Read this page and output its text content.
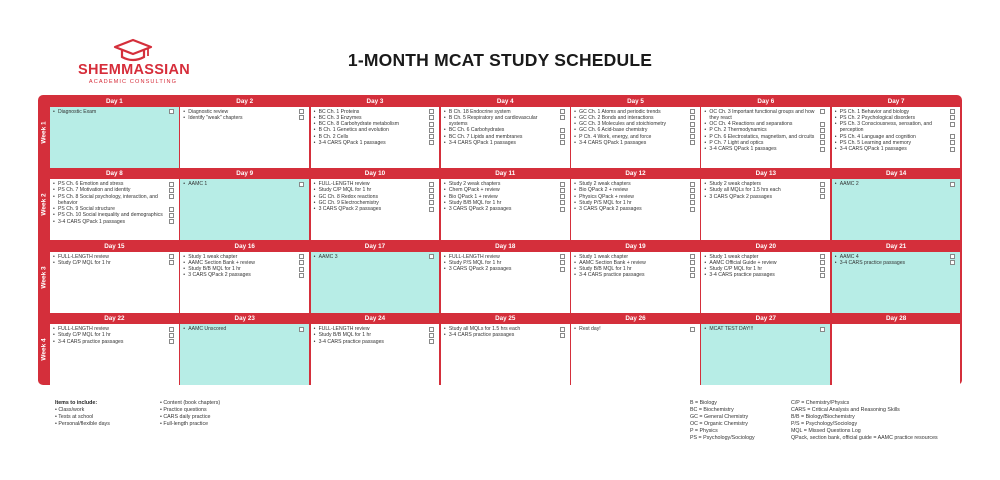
SHEMMASSIAN
ACADEMIC CONSULTING
1-MONTH MCAT STUDY SCHEDULE
Week 1
Day 1
• Diagnostic Exam
Day 2
• Diagnostic review
• Identify "weak" chapters
Day 3
• BC Ch. 1 Proteins
• BC Ch. 3 Enzymes
• BC Ch. 8 Carbohydrate metabolism
• B Ch. 1 Genetics and evolution
• B Ch. 2 Cells
• 3-4 CARS QPack 1 passages
Day 4
• B Ch. 18 Endocrine system
• B Ch. 5 Respiratory and cardiovascular systems
• BC Ch. 6 Carbohydrates
• BC Ch. 7 Lipids and membranes
• 3-4 CARS QPack 1 passages
Day 5
• GC Ch. 1 Atoms and periodic trends
• GC Ch. 2 Bonds and interactions
• GC Ch. 3 Molecules and stoichiometry
• GC Ch. 6 Acid-base chemistry
• P Ch. 4 Work, energy, and force
• 3-4 CARS QPack 1 passages
Day 6
• OC Ch. 3 Important functional groups and how they react
• OC Ch. 4 Reactions and separations
• P Ch. 2 Thermodynamics
• P Ch. 6 Electrostatics, magnetism, and circuits
• P Ch. 7 Light and optics
• 3-4 CARS QPack 1 passages
Day 7
• PS Ch. 1 Behavior and biology
• PS Ch. 2 Psychological disorders
• PS Ch. 3 Consciousness, sensation, and perception
• PS Ch. 4 Language and cognition
• PS Ch. 5 Learning and memory
• 3-4 CARS QPack 1 passages
Week 2
Day 8
• PS Ch. 6 Emotion and stress
• PS Ch. 7 Motivation and identity
• PS Ch. 8 Social psychology, interaction, and behavior
• PS Ch. 9 Social structure
• PS Ch. 10 Social inequality and demographics
• 3-4 CARS QPack 1 passages
Day 9
• AAMC 1
Day 10
• FULL-LENGTH review
• Study C/P MQL for 1 hr
• GC Ch. 8 Redox reactions
• GC Ch. 9 Electrochemistry
• 3 CARS QPack 2 passages
Day 11
• Study 2 weak chapters
• Chem QPack + review
• Bio QPack 1 + review
• Study B/B MQL for 1 hr
• 3 CARS QPack 2 passages
Day 12
• Study 2 weak chapters
• Bio QPack 2 + review
• Physics QPack + review
• Study P/S MQL for 1 hr
• 3 CARS QPack 2 passages
Day 13
• Study 2 weak chapters
• Study all MQLs for 1.5 hrs each
• 3 CARS QPack 2 passages
Day 14
• AAMC 2
Week 3
Day 15
• FULL-LENGTH review
• Study C/P MQL for 1 hr
Day 16
• Study 1 weak chapter
• AAMC Section Bank + review
• Study B/B MQL for 1 hr
• 3 CARS QPack 2 passages
Day 17
• AAMC 3
Day 18
• FULL-LENGTH review
• Study P/S MQL for 1 hr
• 3 CARS QPack 2 passages
Day 19
• Study 1 weak chapter
• AAMC Section Bank + review
• Study B/B MQL for 1 hr
• 3-4 CARS practice passages
Day 20
• Study 1 weak chapter
• AAMC Official Guide + review
• Study C/P MQL for 1 hr
• 3-4 CARS practice passages
Day 21
• AAMC 4
• 3-4 CARS practice passages
Week 4
Day 22
• FULL-LENGTH review
• Study C/P MQL for 1 hr
• 3-4 CARS practice passages
Day 23
• AAMC Unscored
Day 24
• FULL-LENGTH review
• Study B/B MQL for 1 hr
• 3-4 CARS practice passages
Day 25
• Study all MQLs for 1.5 hrs each
• 3-4 CARS practice passages
Day 26
• Rest day!
Day 27
• MCAT TEST DAY!!!
Day 28
Items to include:
• Class/work
• Tests at school
• Personal/flexible days
• Content (book chapters)
• Practice questions
• CARS daily practice
• Full-length practice
B = Biology
BC = Biochemistry
GC = General Chemistry
OC = Organic Chemistry
P = Physics
PS = Psychology/Sociology
C/P = Chemistry/Physics
CARS = Critical Analysis and Reasoning Skills
B/B = Biology/Biochemistry
P/S = Psychology/Sociology
MQL = Missed Questions Log
QPack, section bank, official guide = AAMC practice resources
